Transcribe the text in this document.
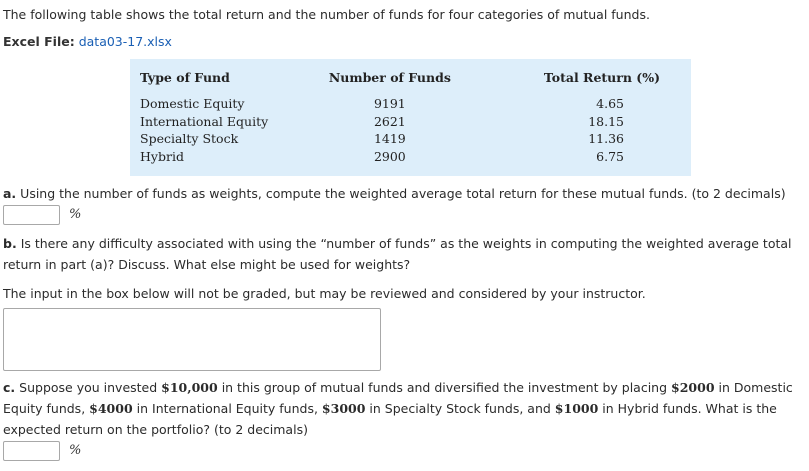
The following table shows the total return and the number of funds for four categories of mutual funds.
Excel File: data03-17.xlsx
Type of Fund	Number of Funds	Total Return (%)
Domestic Equity	9191	4.65
International Equity	2621	18.15
Specialty Stock	1419	11.36
Hybrid	2900	6.75
a. Using the number of funds as weights, compute the weighted average total return for these mutual funds. (to 2 decimals)
%
b. Is there any difficulty associated with using the “number of funds” as the weights in computing the weighted average total return in part (a)? Discuss. What else might be used for weights?
The input in the box below will not be graded, but may be reviewed and considered by your instructor.
c. Suppose you invested $10,000 in this group of mutual funds and diversified the investment by placing $2000 in Domestic Equity funds, $4000 in International Equity funds, $3000 in Specialty Stock funds, and $1000 in Hybrid funds. What is the expected return on the portfolio? (to 2 decimals)
%
